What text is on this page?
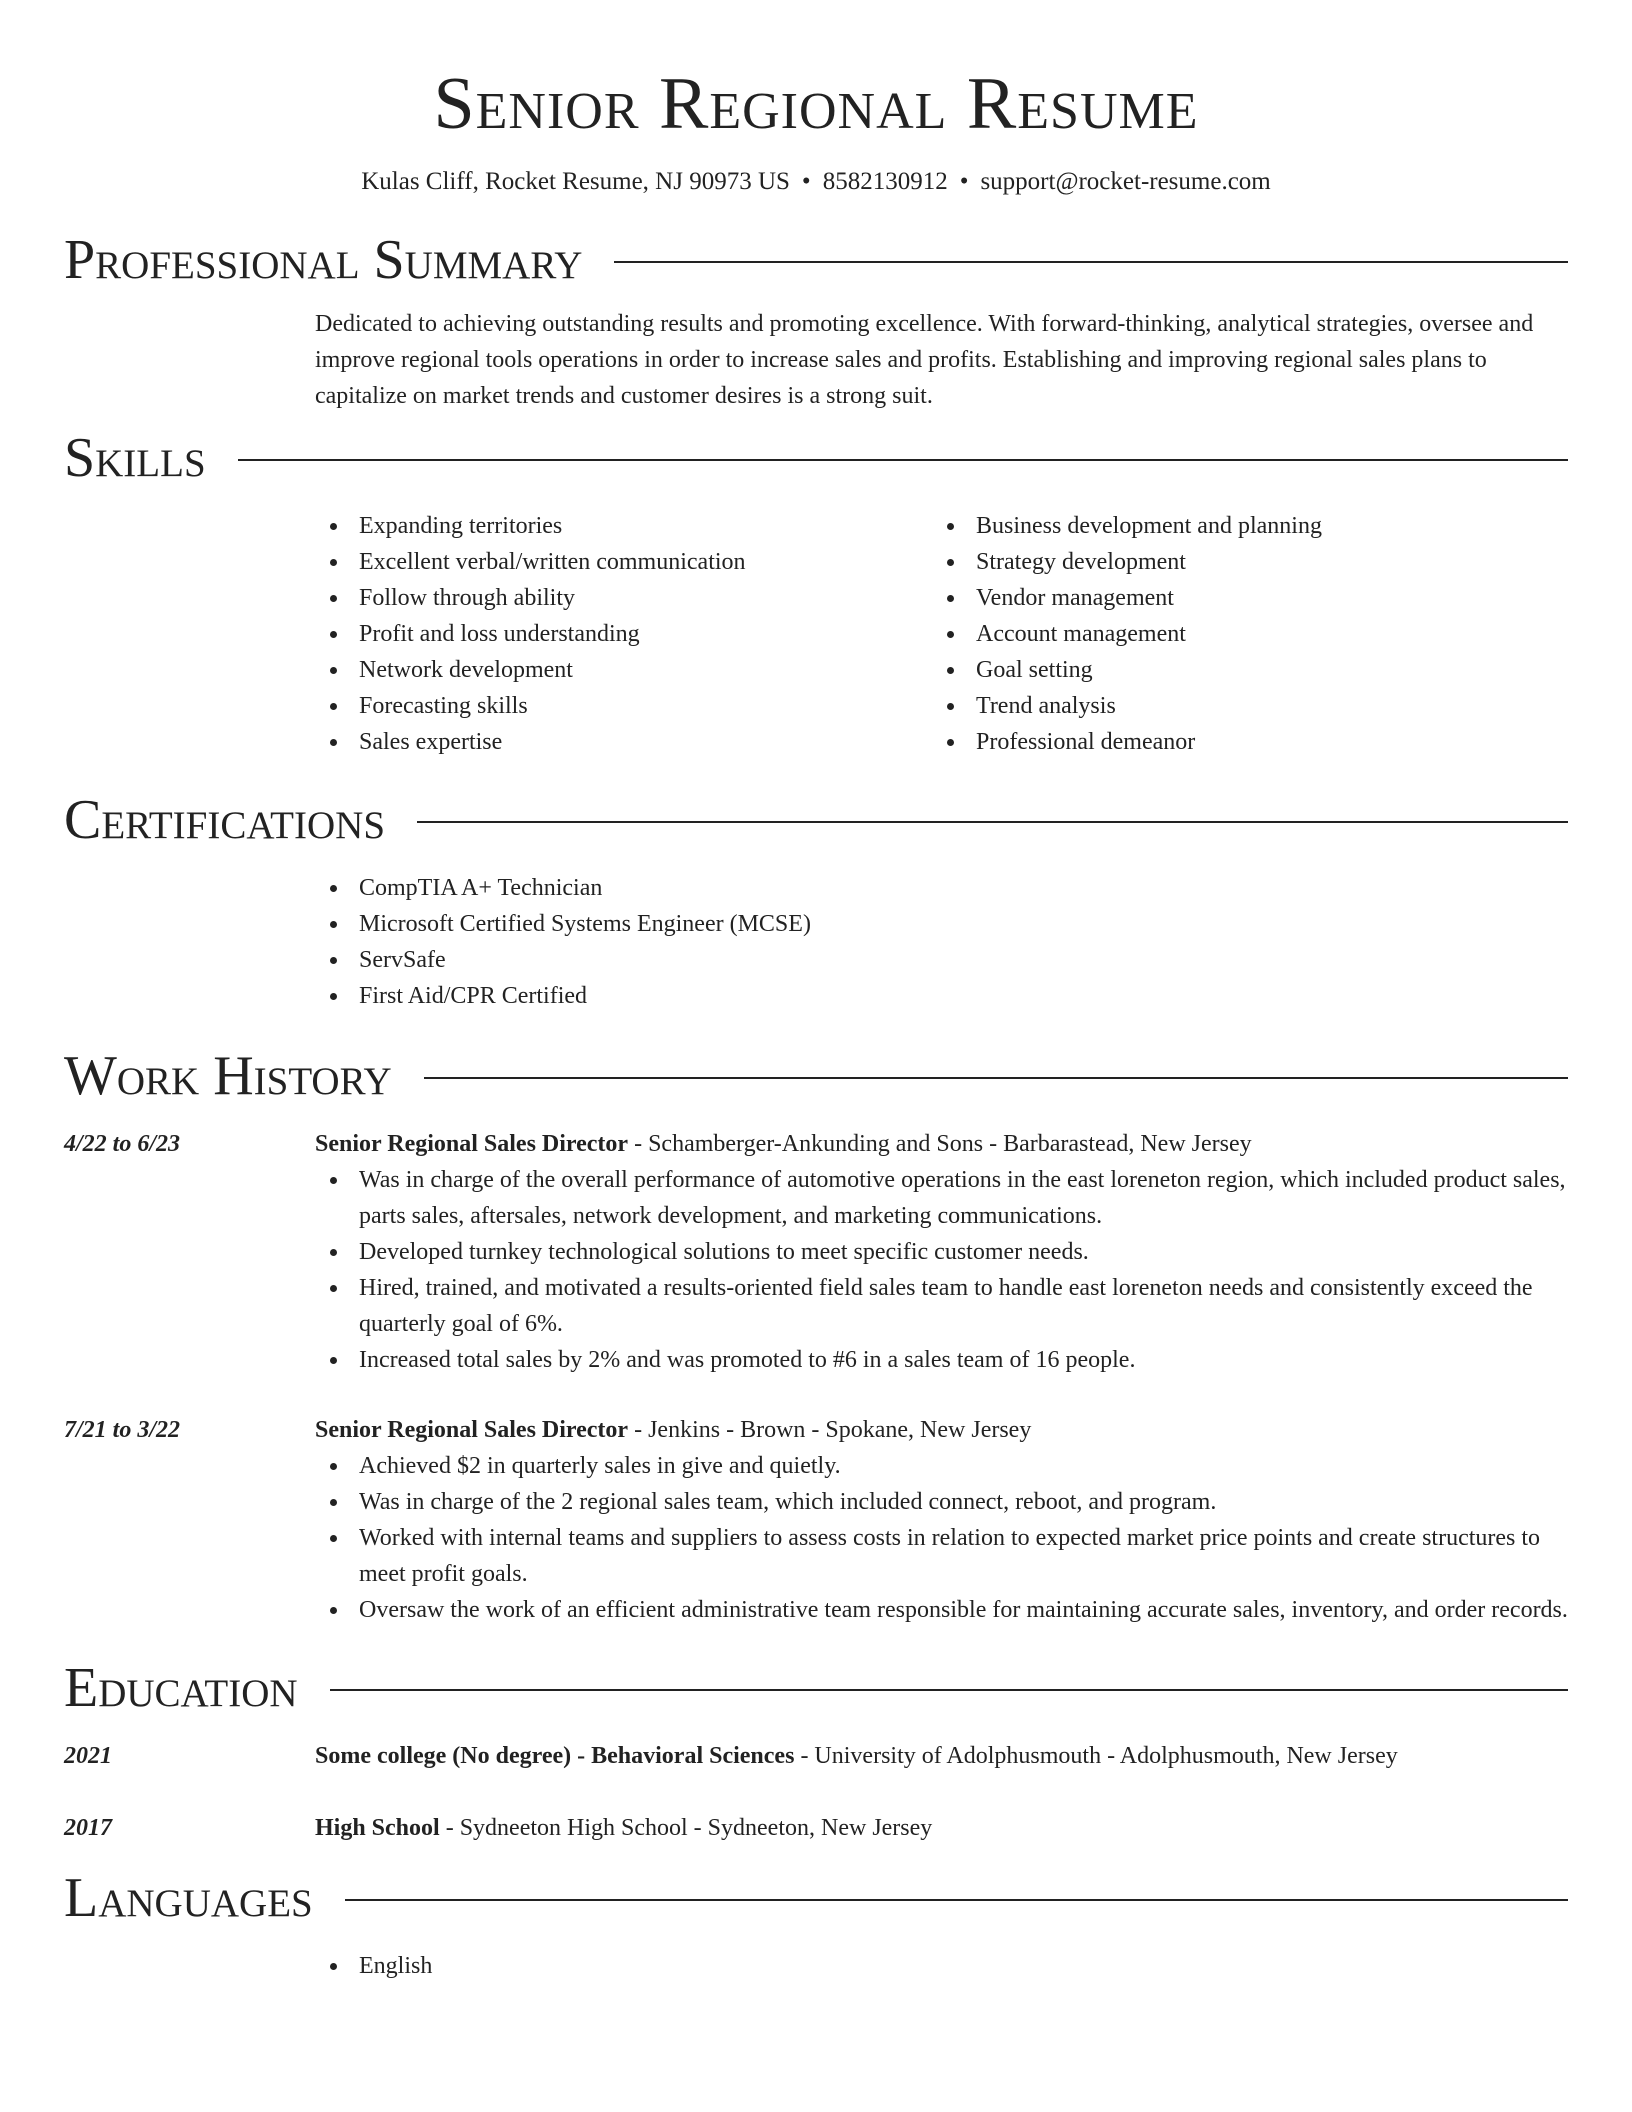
Senior Regional Resume
Kulas Cliff, Rocket Resume, NJ 90973 US • 8582130912 • support@rocket-resume.com
Professional Summary
Dedicated to achieving outstanding results and promoting excellence. With forward-thinking, analytical strategies, oversee and improve regional tools operations in order to increase sales and profits. Establishing and improving regional sales plans to capitalize on market trends and customer desires is a strong suit.
Skills
Expanding territories
Excellent verbal/written communication
Follow through ability
Profit and loss understanding
Network development
Forecasting skills
Sales expertise
Business development and planning
Strategy development
Vendor management
Account management
Goal setting
Trend analysis
Professional demeanor
Certifications
CompTIA A+ Technician
Microsoft Certified Systems Engineer (MCSE)
ServSafe
First Aid/CPR Certified
Work History
4/22 to 6/23	Senior Regional Sales Director - Schamberger-Ankunding and Sons - Barbarastead, New Jersey
Was in charge of the overall performance of automotive operations in the east loreneton region, which included product sales, parts sales, aftersales, network development, and marketing communications.
Developed turnkey technological solutions to meet specific customer needs.
Hired, trained, and motivated a results-oriented field sales team to handle east loreneton needs and consistently exceed the quarterly goal of 6%.
Increased total sales by 2% and was promoted to #6 in a sales team of 16 people.
7/21 to 3/22	Senior Regional Sales Director - Jenkins - Brown - Spokane, New Jersey
Achieved $2 in quarterly sales in give and quietly.
Was in charge of the 2 regional sales team, which included connect, reboot, and program.
Worked with internal teams and suppliers to assess costs in relation to expected market price points and create structures to meet profit goals.
Oversaw the work of an efficient administrative team responsible for maintaining accurate sales, inventory, and order records.
Education
2021	Some college (No degree) - Behavioral Sciences - University of Adolphusmouth - Adolphusmouth, New Jersey
2017	High School - Sydneeton High School - Sydneeton, New Jersey
Languages
English
